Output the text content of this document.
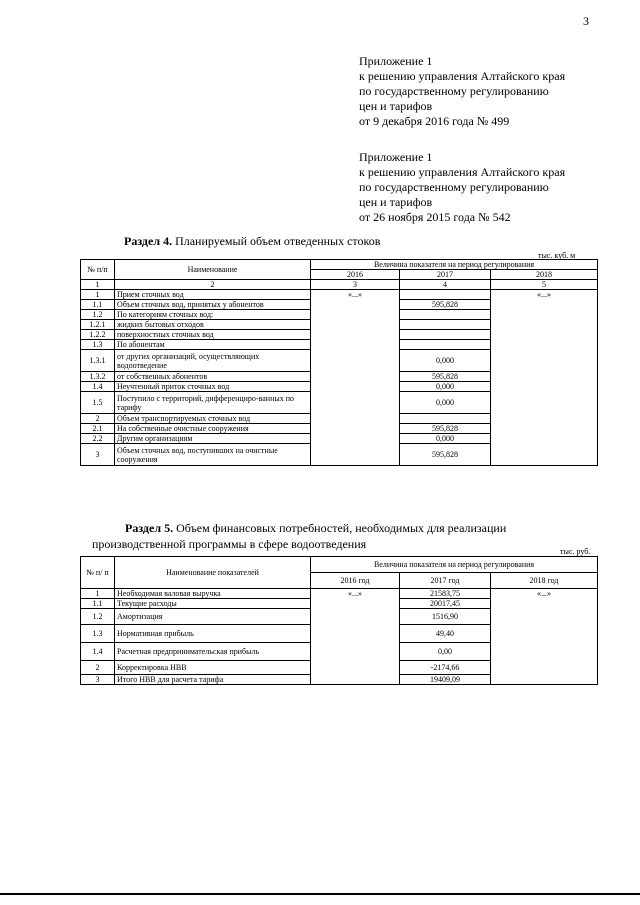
3
Приложение 1
к решению управления Алтайского края
по государственному регулированию
цен и тарифов
от 9 декабря 2016 года № 499
Приложение 1
к решению управления Алтайского края
по государственному регулированию
цен и тарифов
от 26 ноября 2015 года № 542
Раздел 4. Планируемый объем отведенных стоков
тыс. куб. м
№ п/п	Наименование	Величина показателя на период регулирования		
		2016	2017	2018
1	2	3	4	5
1	Прием сточных вод	«...»		«...»
1.1	Объем сточных вод, принятых у абонентов		595,828	
1.2	По категориям сточных вод:			
1.2.1	жидких бытовых отходов			
1.2.2	поверхностных сточных вод			
1.3	По абонентам			
1.3.1	от других организаций, осуществляющих водоотведение		0,000	
1.3.2	от собственных абонентов		595,828	
1.4	Неучтенный приток сточных вод		0,000	
1.5	Поступило с территорий, дифференциро-ванных по тарифу		0,000	
2	Объем транспортируемых сточных вод			
2.1	На собственные очистные сооружения		595,828	
2.2	Другим организациям		0,000	
3	Объем сточных вод, поступивших на очистные сооружения		595,828	
Раздел 5. Объем финансовых потребностей, необходимых для реализации производственной программы в сфере водоотведения
тыс. руб.
№ п/ п	Наименование показателей	Величина показателя на период регулирования		
		2016 год	2017 год	2018 год
1	Необходимая валовая выручка	«...»	21583,75	«...»
1.1	Текущие расходы		20017,45	
1.2	Амортизация		1516,90	
1.3	Нормативная прибыль		49,40	
1.4	Расчетная предпринимательская прибыль		0,00	
2	Корректировка НВВ		-2174,66	
3	Итого НВВ для расчета тарифа		19409,09	
